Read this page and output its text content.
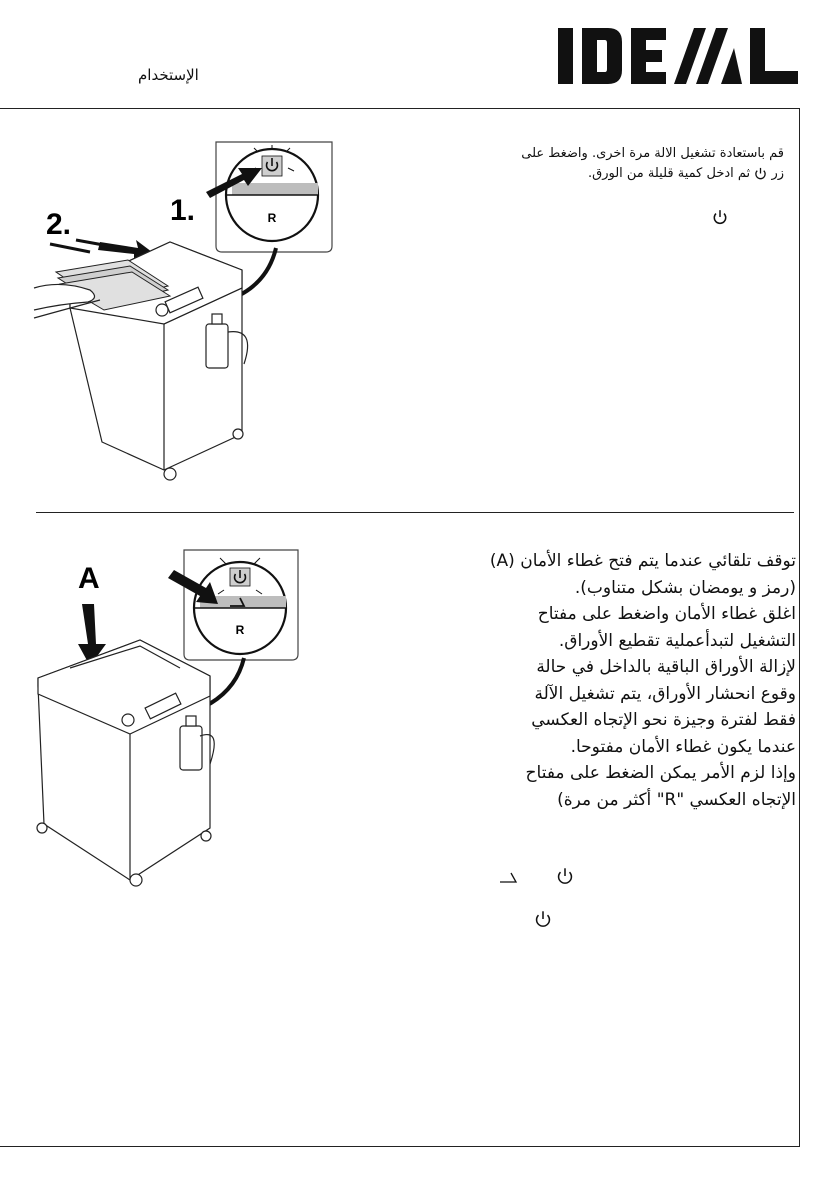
الإستخدام
R
1.
2.
قم باستعادة تشغيل الالة مرة اخرى. واضغط على
زر  ثم ادخل كمية قليلة من الورق.
R
A
توقف تلقائي عندما يتم فتح غطاء الأمان (A)
(رمز و يومضان بشكل متناوب).
اغلق غطاء الأمان واضغط على مفتاح
التشغيل لتبدأعملية تقطيع الأوراق.
لإزالة الأوراق الباقية بالداخل في حالة
وقوع انحشار الأوراق، يتم تشغيل الآلة
فقط لفترة وجيزة نحو الإتجاه العكسي
عندما يكون غطاء الأمان مفتوحا.
وإذا لزم الأمر يمكن الضغط على مفتاح
الإتجاه العكسي "R" أكثر من مرة)
